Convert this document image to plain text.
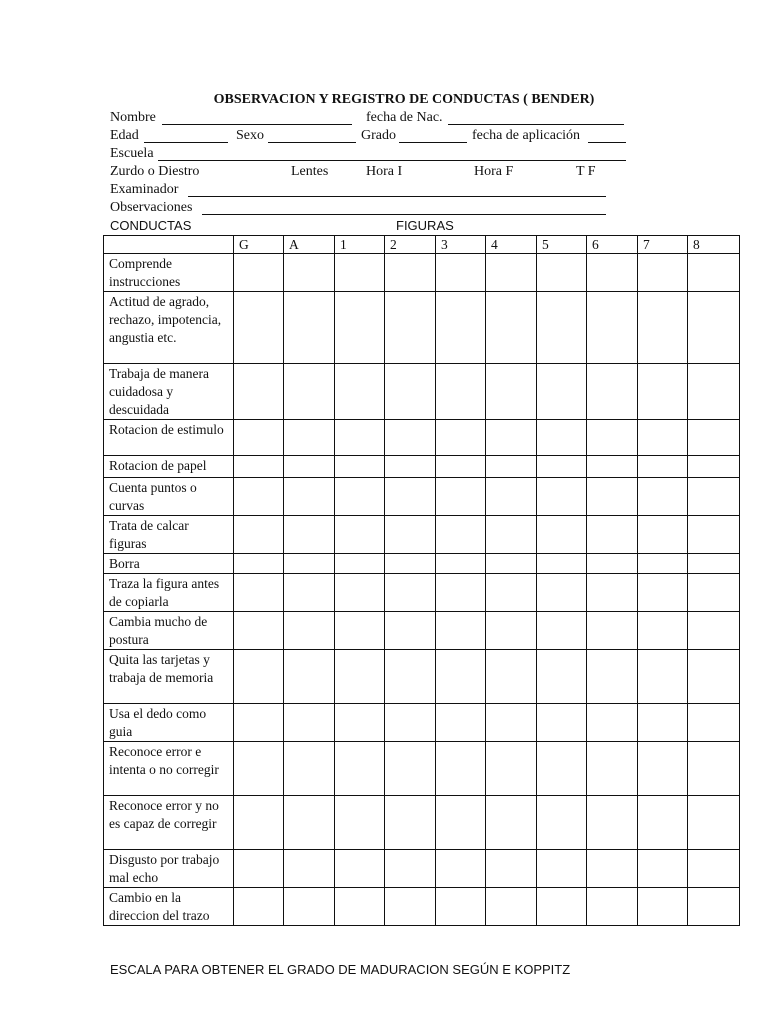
OBSERVACION Y REGISTRO DE CONDUCTAS ( BENDER)
Nombre	fecha de Nac.
Edad	Sexo	Grado	fecha de aplicación
Escuela
Zurdo o Diestro	Lentes	Hora I	Hora F	T F
Examinador
Observaciones
CONDUCTAS	FIGURAS
	G	A	1	2	3	4	5	6	7	8
Comprende instrucciones										
Actitud de agrado, rechazo, impotencia, angustia etc.										
Trabaja de manera cuidadosa y descuidada										
Rotacion de estimulo										
Rotacion de papel										
Cuenta puntos o curvas										
Trata de calcar figuras										
Borra										
Traza la figura antes de copiarla										
Cambia mucho de postura										
Quita las tarjetas y trabaja de memoria										
Usa el dedo como guia										
Reconoce error e intenta o no corregir										
Reconoce error y no es capaz de corregir										
Disgusto por trabajo mal echo										
Cambio en la direccion del trazo										
ESCALA PARA OBTENER EL GRADO DE MADURACION SEGÚN E KOPPITZ
